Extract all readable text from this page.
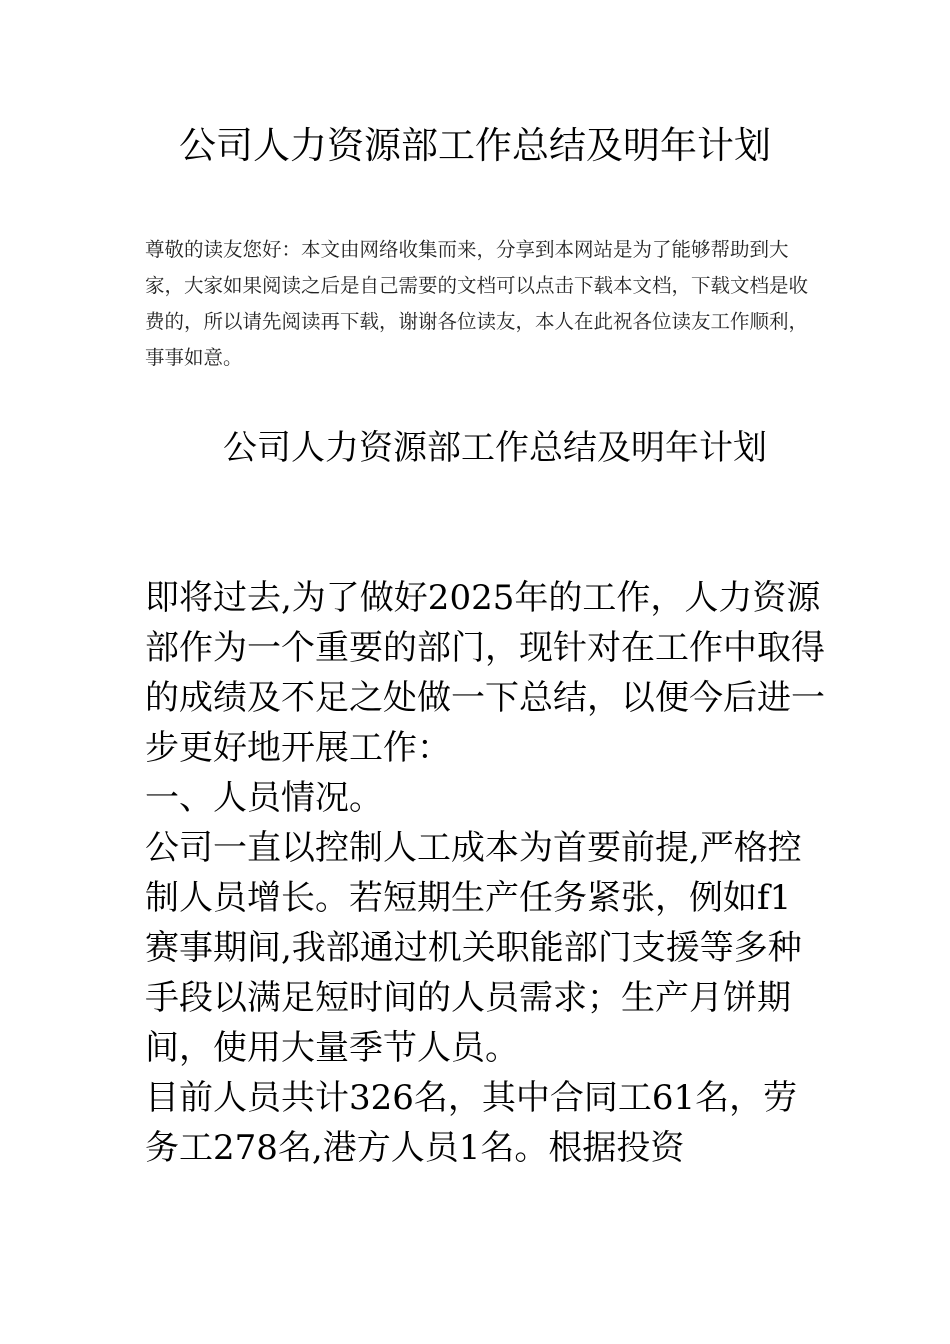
公司人力资源部工作总结及明年计划

尊敬的读友您好：本文由网络收集而来，分享到本网站是为了能够帮助到大家，大家如果阅读之后是自己需要的文档可以点击下载本文档，下载文档是收费的，所以请先阅读再下载，谢谢各位读友，本人在此祝各位读友工作顺利，事事如意。

公司人力资源部工作总结及明年计划

即将过去,为了做好2025年的工作，人力资源部作为一个重要的部门，现针对在工作中取得的成绩及不足之处做一下总结，以便今后进一步更好地开展工作：

一、人员情况。

公司一直以控制人工成本为首要前提,严格控制人员增长。若短期生产任务紧张，例如f1赛事期间,我部通过机关职能部门支援等多种手段以满足短时间的人员需求；生产月饼期间，使用大量季节人员。

目前人员共计326名，其中合同工61名，劳务工278名,港方人员1名。根据投资
